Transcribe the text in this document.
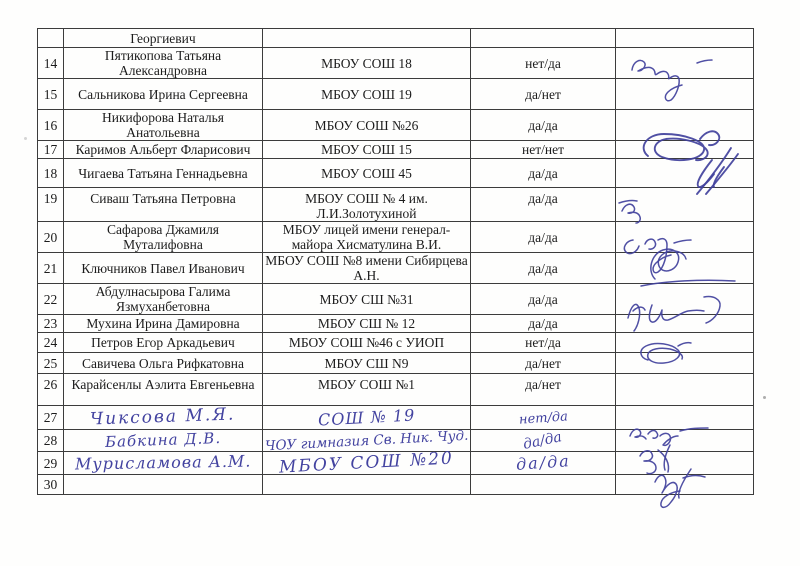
	Георгиевич			
14	Пятикопова Татьяна Александровна	МБОУ СОШ 18	нет/да	
15	Сальникова Ирина Сергеевна	МБОУ СОШ 19	да/нет	
16	Никифорова Наталья Анатольевна	МБОУ СОШ №26	да/да	
17	Каримов Альберт Фларисович	МБОУ СОШ 15	нет/нет	
18	Чигаева Татьяна Геннадьевна	МБОУ СОШ 45	да/да	
19	Сиваш Татьяна Петровна	МБОУ СОШ № 4 им. Л.И.Золотухиной	да/да	
20	Сафарова Джамиля Муталифовна	МБОУ лицей имени генерал-майора Хисматулина В.И.	да/да	
21	Ключников Павел Иванович	МБОУ СОШ №8 имени Сибирцева А.Н.	да/да	
22	Абдулнасырова Галима Язмуханбетовна	МБОУ СШ №31	да/да	
23	Мухина Ирина Дамировна	МБОУ СШ № 12	да/да	
24	Петров Егор Аркадьевич	МБОУ СОШ №46 с УИОП	нет/да	
25	Савичева Ольга Рифкатовна	МБОУ СШ N9	да/нет	
26	Карайсенлы Аэлита Евгеньевна	МБОУ СОШ №1	да/нет	
27	Чиксова М.Я.	СОШ № 19	нет/да	
28	Бабкина Д.В.	ЧОУ гимназия Св. Ник. Чуд.	да/да	
29	Мурисламова А.М.	МБОУ СОШ №20	да/да	
30				
